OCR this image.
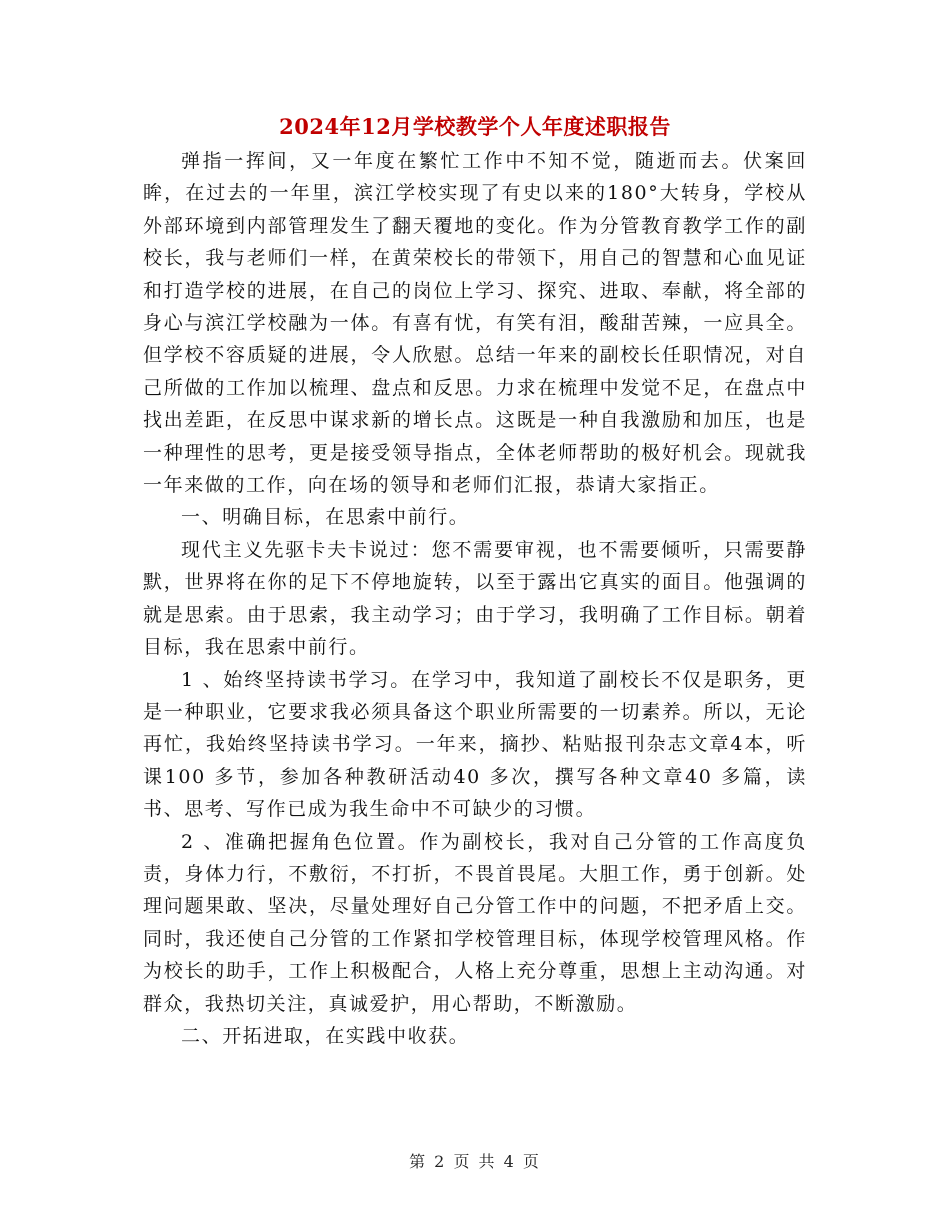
2024年12月学校教学个人年度述职报告

弹指一挥间，又一年度在繁忙工作中不知不觉，随逝而去。伏案回眸，在过去的一年里，滨江学校实现了有史以来的180°大转身，学校从外部环境到内部管理发生了翻天覆地的变化。作为分管教育教学工作的副校长，我与老师们一样，在黄荣校长的带领下，用自己的智慧和心血见证和打造学校的进展，在自己的岗位上学习、探究、进取、奉献，将全部的身心与滨江学校融为一体。有喜有忧，有笑有泪，酸甜苦辣，一应具全。但学校不容质疑的进展，令人欣慰。总结一年来的副校长任职情况，对自己所做的工作加以梳理、盘点和反思。力求在梳理中发觉不足，在盘点中找出差距，在反思中谋求新的增长点。这既是一种自我激励和加压，也是一种理性的思考，更是接受领导指点，全体老师帮助的极好机会。现就我一年来做的工作，向在场的领导和老师们汇报，恭请大家指正。

一、明确目标，在思索中前行。

现代主义先驱卡夫卡说过：您不需要审视，也不需要倾听，只需要静默，世界将在你的足下不停地旋转，以至于露出它真实的面目。他强调的就是思索。由于思索，我主动学习；由于学习，我明确了工作目标。朝着目标，我在思索中前行。

1 、始终坚持读书学习。在学习中，我知道了副校长不仅是职务，更是一种职业，它要求我必须具备这个职业所需要的一切素养。所以，无论再忙，我始终坚持读书学习。一年来，摘抄、粘贴报刊杂志文章4本，听课100 多节，参加各种教研活动40 多次，撰写各种文章40 多篇，读书、思考、写作已成为我生命中不可缺少的习惯。

2 、准确把握角色位置。作为副校长，我对自己分管的工作高度负责，身体力行，不敷衍，不打折，不畏首畏尾。大胆工作，勇于创新。处理问题果敢、坚决，尽量处理好自己分管工作中的问题，不把矛盾上交。同时，我还使自己分管的工作紧扣学校管理目标，体现学校管理风格。作为校长的助手，工作上积极配合，人格上充分尊重，思想上主动沟通。对群众，我热切关注，真诚爱护，用心帮助，不断激励。

二、开拓进取，在实践中收获。

第 2 页 共 4 页
